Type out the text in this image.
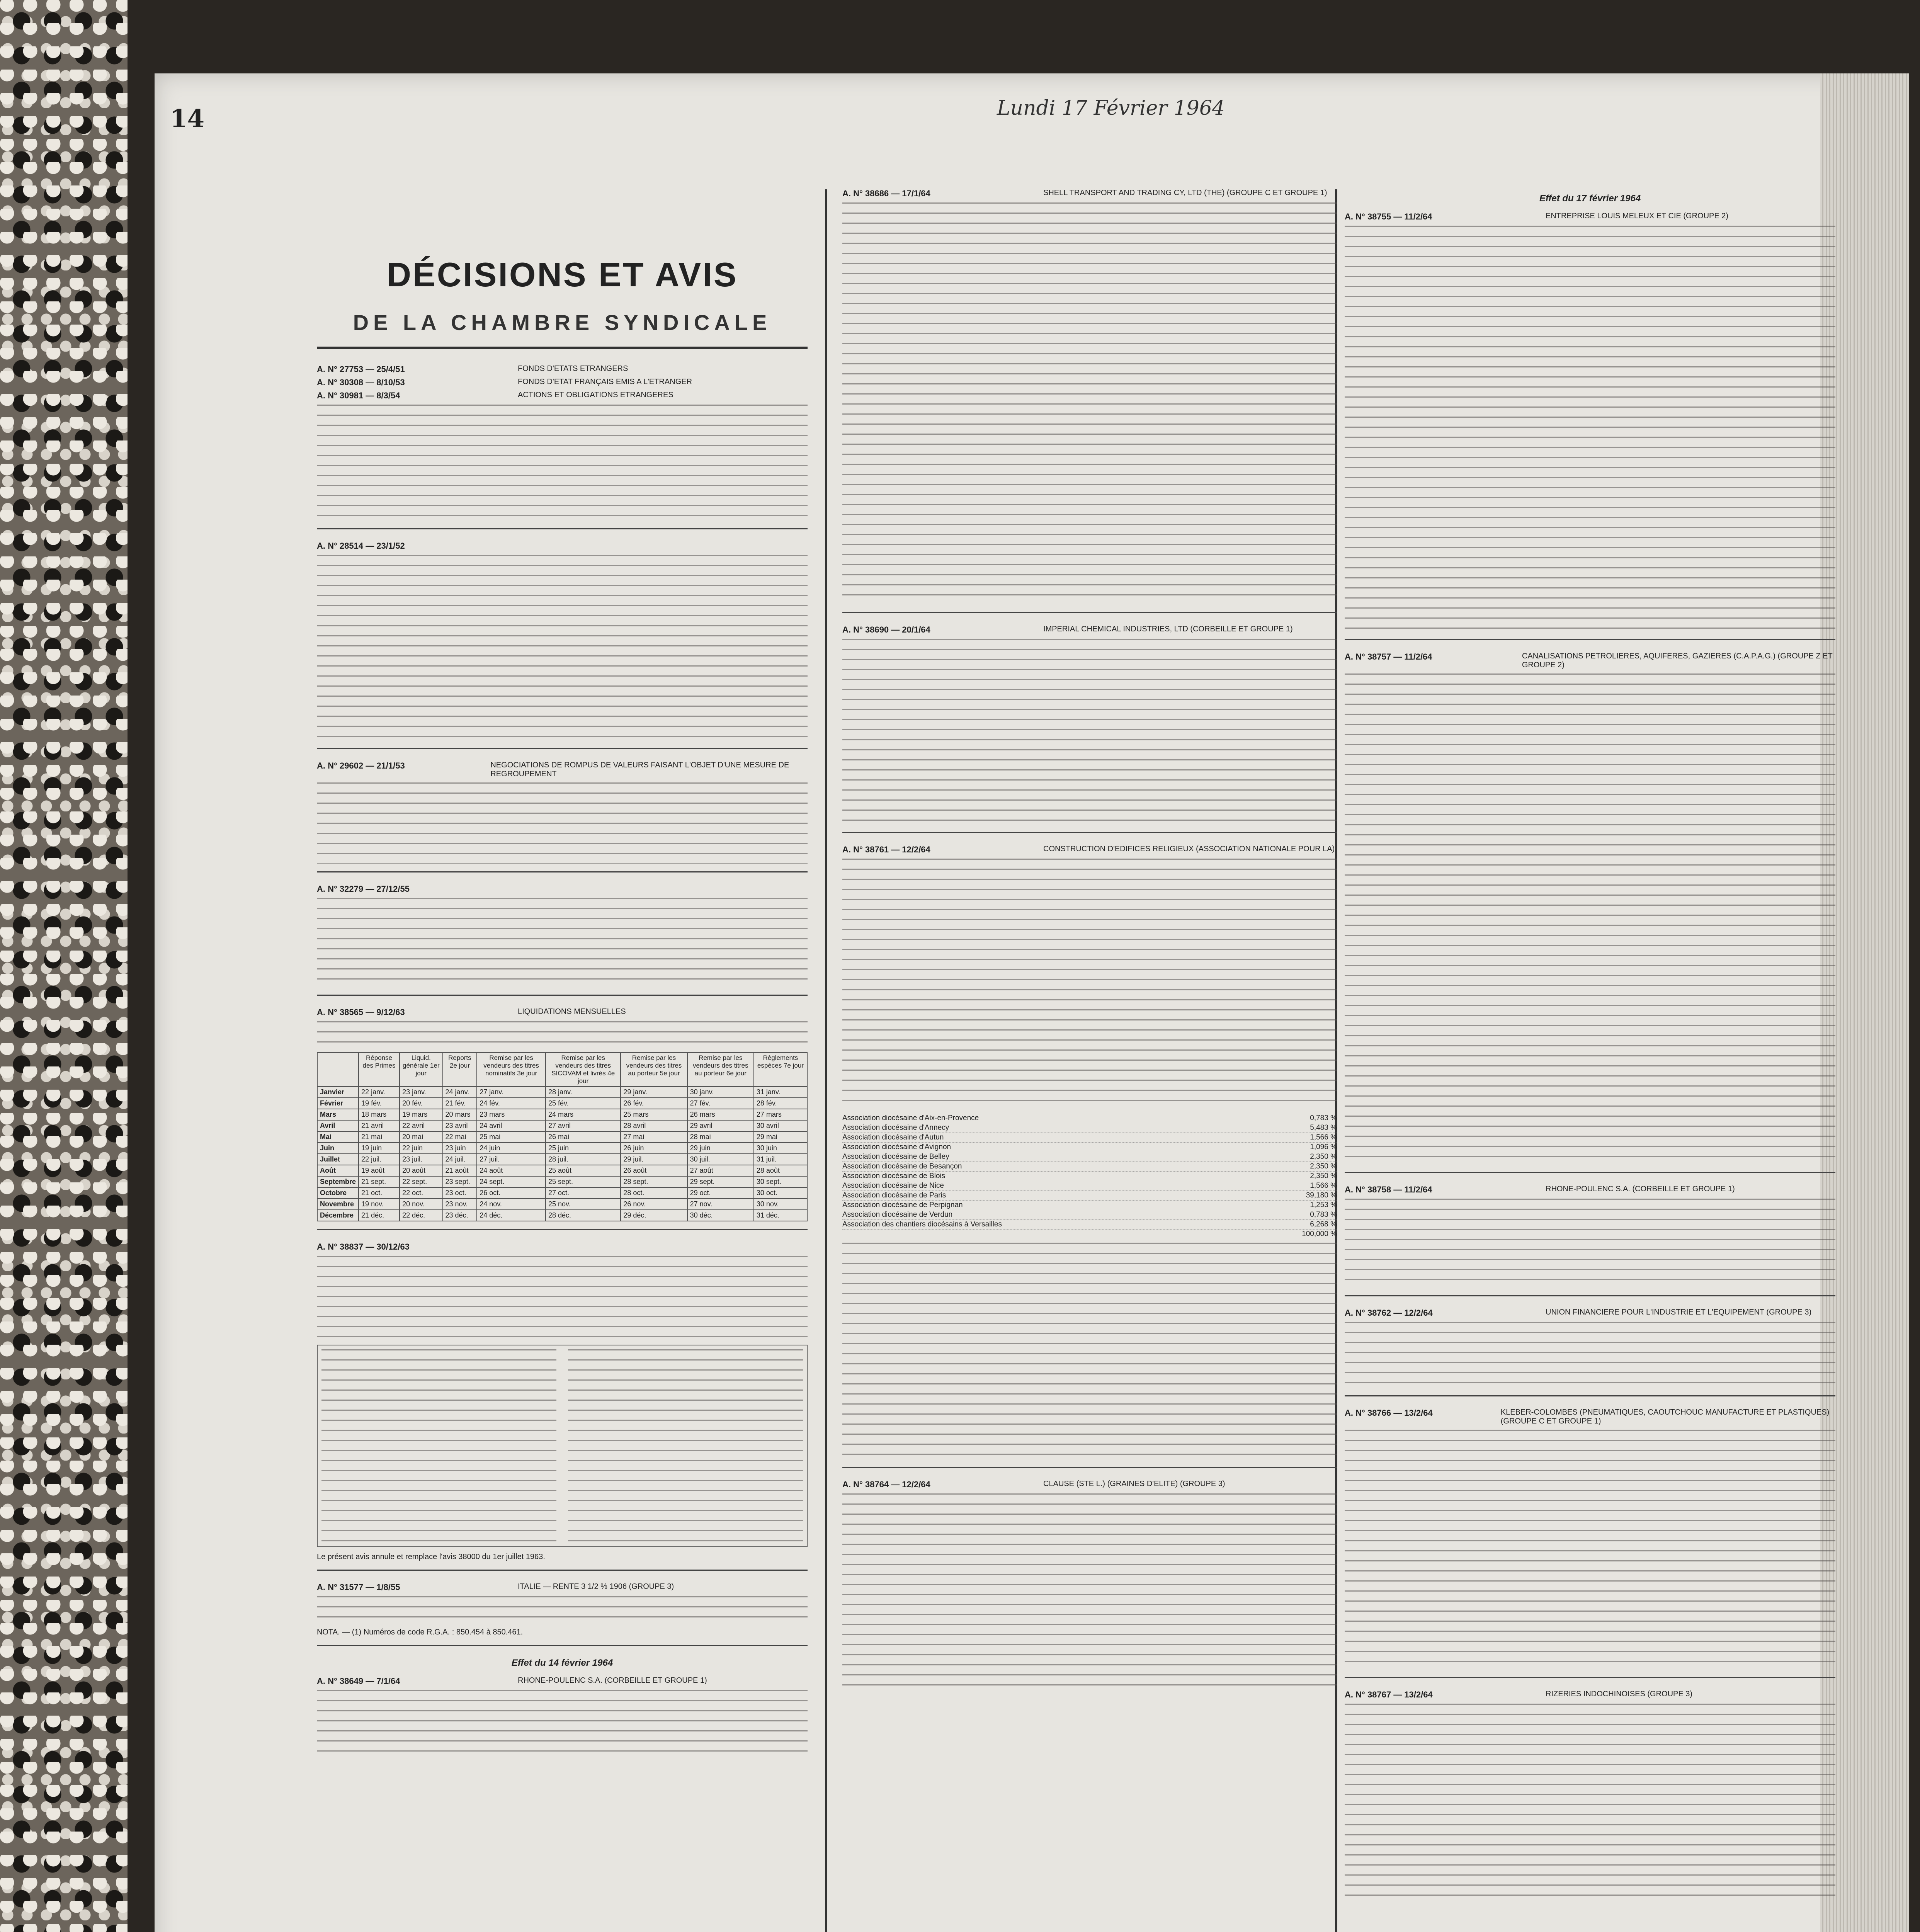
14	Lundi 17 Février 1964
DÉCISIONS ET AVIS
DE LA CHAMBRE SYNDICALE
A. N° 27753 — 25/4/51	FONDS D'ETATS ETRANGERS
A. N° 30308 — 8/10/53	FONDS D'ETAT FRANÇAIS EMIS A L'ETRANGER
A. N° 30981 — 8/3/54	ACTIONS ET OBLIGATIONS ETRANGERES
A. N° 28514 — 23/1/52
A. N° 29602 — 21/1/53	NEGOCIATIONS DE ROMPUS DE VALEURS FAISANT L'OBJET D'UNE MESURE DE REGROUPEMENT
A. N° 32279 — 27/12/55
A. N° 38565 — 9/12/63	LIQUIDATIONS MENSUELLES
	Réponse des Primes	Liquid. générale 1er jour	Reports 2e jour	Remise par les vendeurs des titres nominatifs 3e jour	Remise par les vendeurs des titres SICOVAM et livrés 4e jour	Remise par les vendeurs des titres au porteur 5e jour	Remise par les vendeurs des titres au porteur 6e jour	Règlements espèces 7e jour
Janvier	22 janv.	23 janv.	24 janv.	27 janv.	28 janv.	29 janv.	30 janv.	31 janv.
Février	19 fév.	20 fév.	21 fév.	24 fév.	25 fév.	26 fév.	27 fév.	28 fév.
Mars	18 mars	19 mars	20 mars	23 mars	24 mars	25 mars	26 mars	27 mars
Avril	21 avril	22 avril	23 avril	24 avril	27 avril	28 avril	29 avril	30 avril
Mai	21 mai	20 mai	22 mai	25 mai	26 mai	27 mai	28 mai	29 mai
Juin	19 juin	22 juin	23 juin	24 juin	25 juin	26 juin	29 juin	30 juin
Juillet	22 juil.	23 juil.	24 juil.	27 juil.	28 juil.	29 juil.	30 juil.	31 juil.
Août	19 août	20 août	21 août	24 août	25 août	26 août	27 août	28 août
Septembre	21 sept.	22 sept.	23 sept.	24 sept.	25 sept.	28 sept.	29 sept.	30 sept.
Octobre	21 oct.	22 oct.	23 oct.	26 oct.	27 oct.	28 oct.	29 oct.	30 oct.
Novembre	19 nov.	20 nov.	23 nov.	24 nov.	25 nov.	26 nov.	27 nov.	30 nov.
Décembre	21 déc.	22 déc.	23 déc.	24 déc.	28 déc.	29 déc.	30 déc.	31 déc.
A. N° 38837 — 30/12/63
Le présent avis annule et remplace l'avis 38000 du 1er juillet 1963.
A. N° 31577 — 1/8/55	ITALIE — RENTE 3 1/2 % 1906 (GROUPE 3)
NOTA. — (1) Numéros de code R.G.A. : 850.454 à 850.461.
Effet du 14 février 1964
A. N° 38649 — 7/1/64	RHONE-POULENC S.A. (CORBEILLE ET GROUPE 1)
A. N° 38686 — 17/1/64	SHELL TRANSPORT AND TRADING CY, LTD (THE) (GROUPE C ET GROUPE 1)
A. N° 38690 — 20/1/64	IMPERIAL CHEMICAL INDUSTRIES, LTD (CORBEILLE ET GROUPE 1)
A. N° 38761 — 12/2/64	CONSTRUCTION D'EDIFICES RELIGIEUX (ASSOCIATION NATIONALE POUR LA)
Association diocésaine d'Aix-en-Provence	0,783 %
Association diocésaine d'Annecy	5,483 %
Association diocésaine d'Autun	1,566 %
Association diocésaine d'Avignon	1,096 %
Association diocésaine de Belley	2,350 %
Association diocésaine de Besançon	2,350 %
Association diocésaine de Blois	2,350 %
Association diocésaine de Nice	1,566 %
Association diocésaine de Paris	39,180 %
Association diocésaine de Perpignan	1,253 %
Association diocésaine de Verdun	0,783 %
Association des chantiers diocésains à Versailles	6,268 %
100,000 %
A. N° 38764 — 12/2/64	CLAUSE (STE L.) (GRAINES D'ELITE) (GROUPE 3)
Effet du 17 février 1964
A. N° 38755 — 11/2/64	ENTREPRISE LOUIS MELEUX ET CIE (GROUPE 2)
A. N° 38757 — 11/2/64	CANALISATIONS PETROLIERES, AQUIFERES, GAZIERES (C.A.P.A.G.) (GROUPE Z ET GROUPE 2)
A. N° 38758 — 11/2/64	RHONE-POULENC S.A. (CORBEILLE ET GROUPE 1)
A. N° 38762 — 12/2/64	UNION FINANCIERE POUR L'INDUSTRIE ET L'EQUIPEMENT (GROUPE 3)
A. N° 38766 — 13/2/64	KLEBER-COLOMBES (PNEUMATIQUES, CAOUTCHOUC MANUFACTURE ET PLASTIQUES) (GROUPE C ET GROUPE 1)
A. N° 38767 — 13/2/64	RIZERIES INDOCHINOISES (GROUPE 3)
